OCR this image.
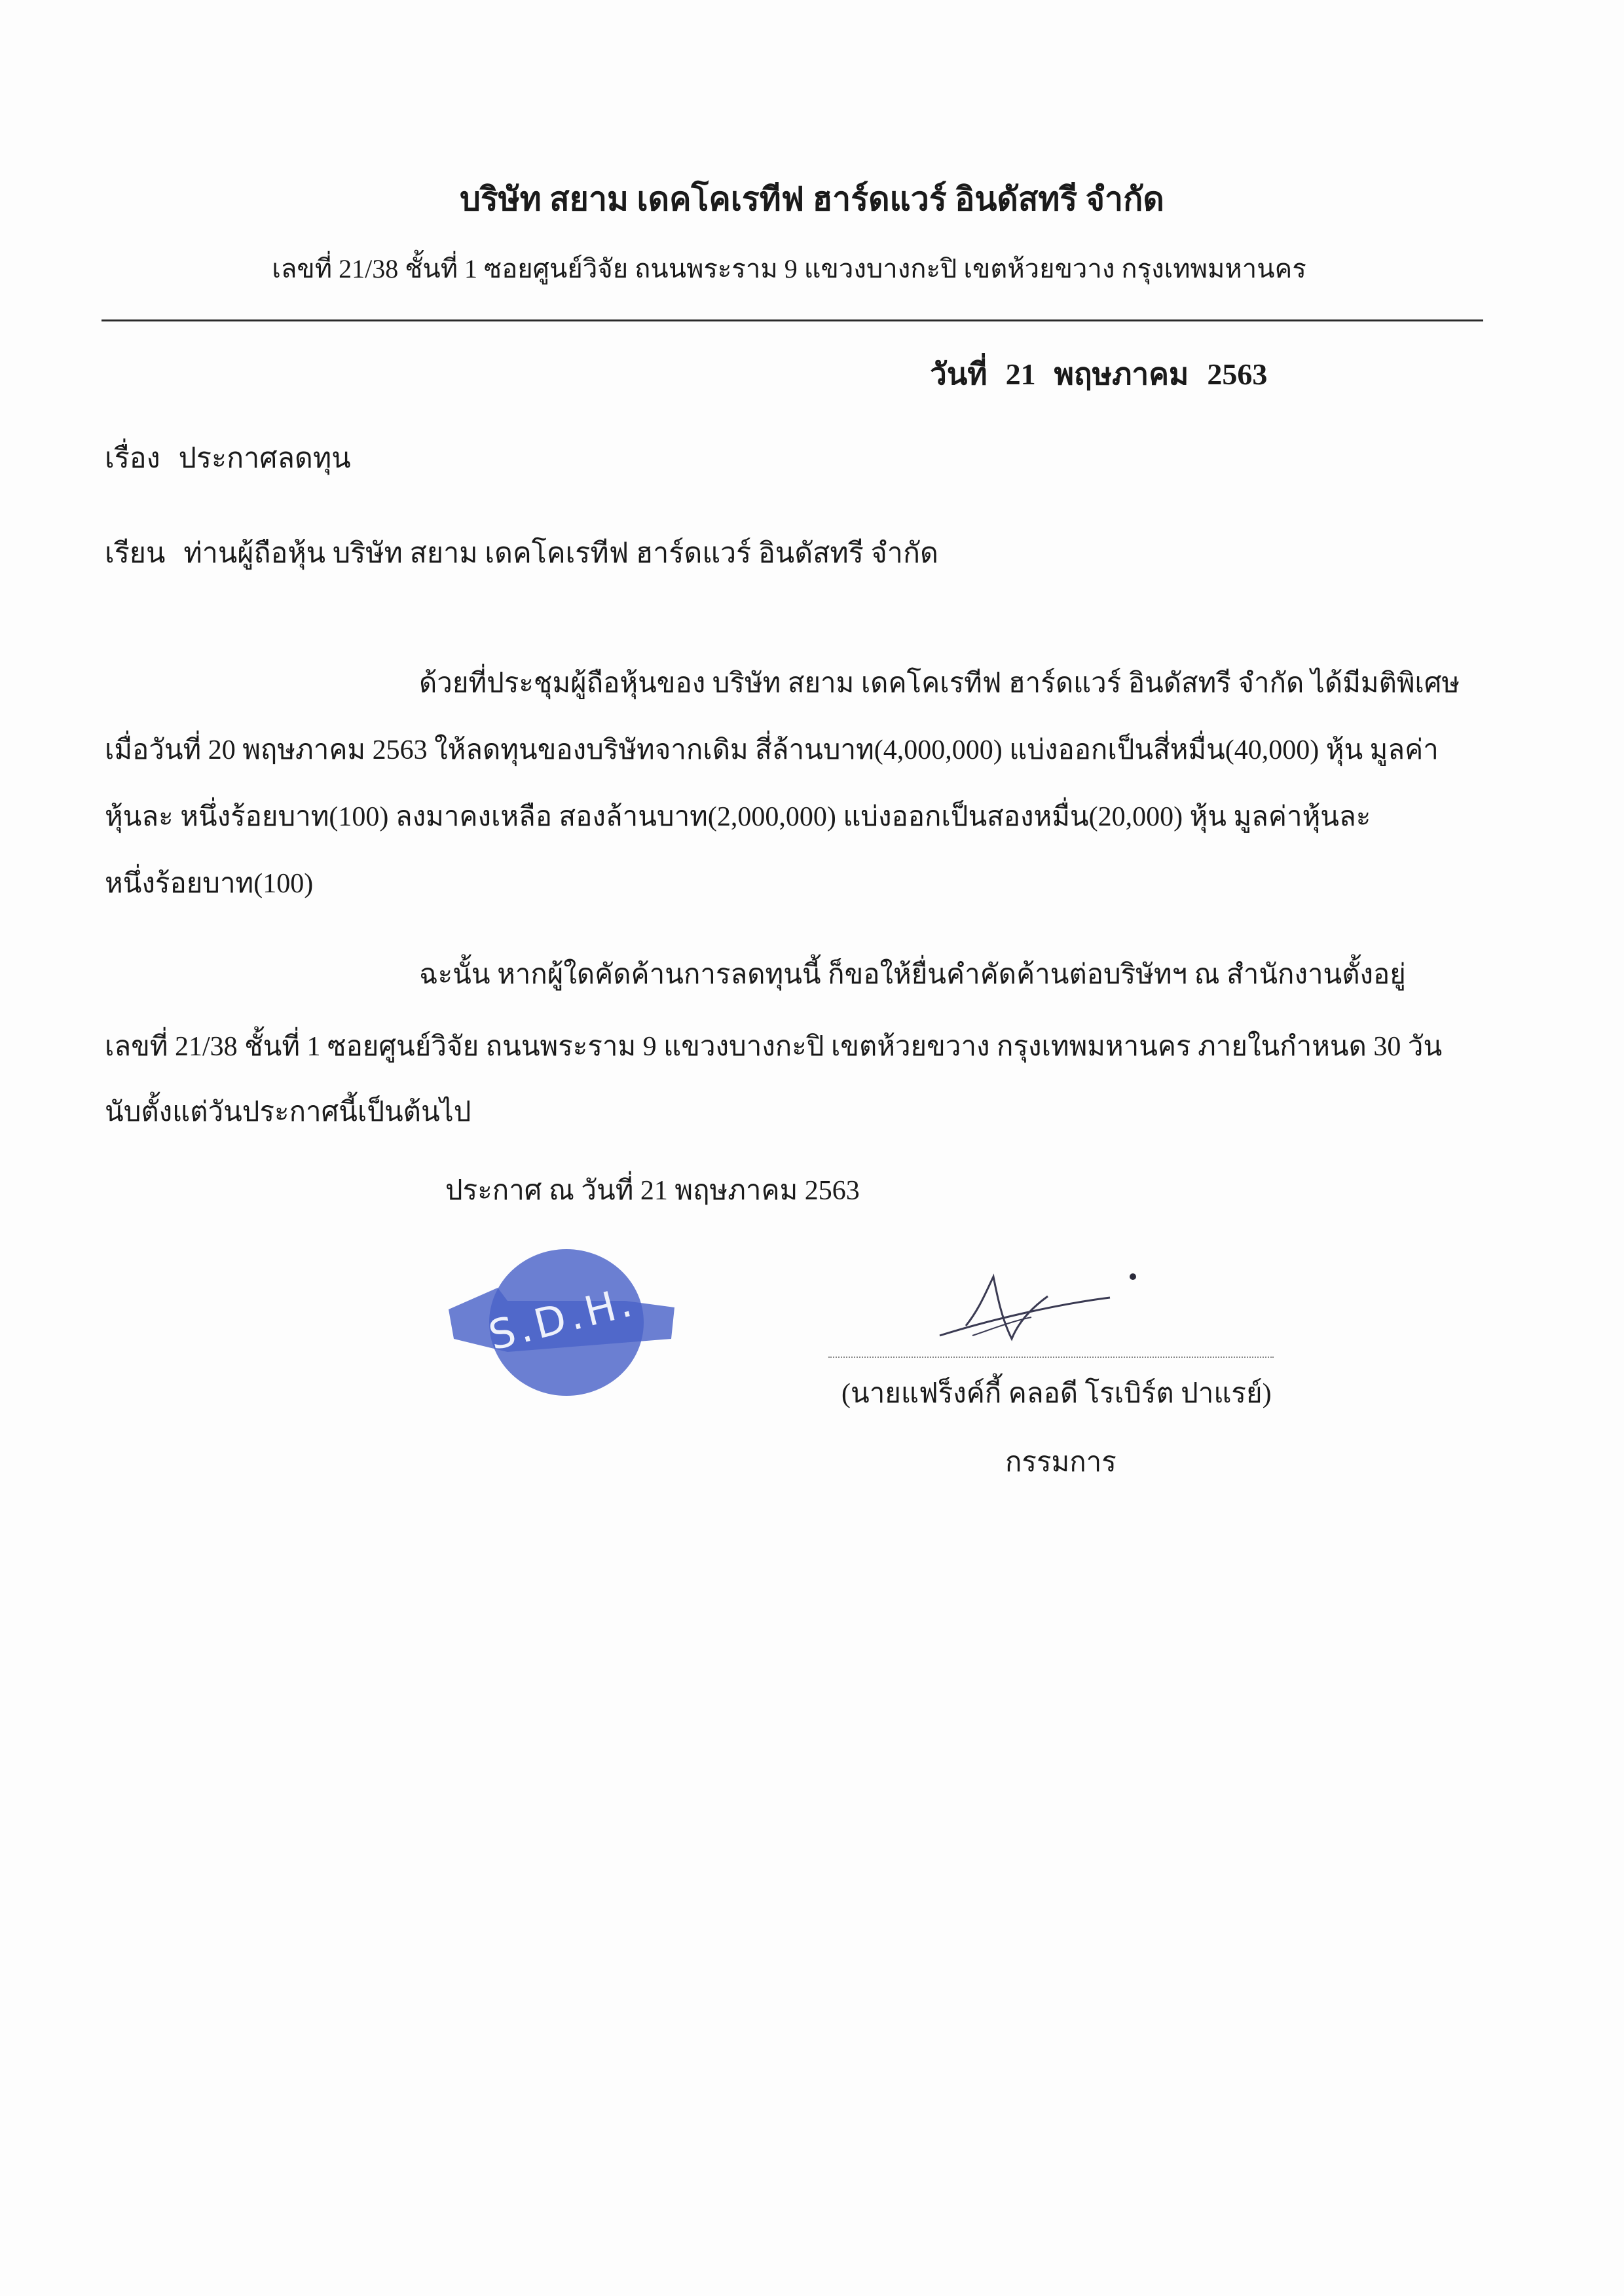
บริษัท สยาม เดคโคเรทีฟ ฮาร์ดแวร์ อินดัสทรี จำกัด
เลขที่ 21/38 ชั้นที่ 1 ซอยศูนย์วิจัย ถนนพระราม 9 แขวงบางกะปิ เขตห้วยขวาง กรุงเทพมหานคร
วันที่ 21 พฤษภาคม 2563
เรื่อง ประกาศลดทุน
เรียน ท่านผู้ถือหุ้น บริษัท สยาม เดคโคเรทีฟ ฮาร์ดแวร์ อินดัสทรี จำกัด
ด้วยที่ประชุมผู้ถือหุ้นของ บริษัท สยาม เดคโคเรทีฟ ฮาร์ดแวร์ อินดัสทรี จำกัด ได้มีมติพิเศษ
เมื่อวันที่ 20 พฤษภาคม 2563 ให้ลดทุนของบริษัทจากเดิม สี่ล้านบาท(4,000,000) แบ่งออกเป็นสี่หมื่น(40,000) หุ้น มูลค่า
หุ้นละ หนึ่งร้อยบาท(100) ลงมาคงเหลือ สองล้านบาท(2,000,000) แบ่งออกเป็นสองหมื่น(20,000) หุ้น มูลค่าหุ้นละ
หนึ่งร้อยบาท(100)
ฉะนั้น หากผู้ใดคัดค้านการลดทุนนี้ ก็ขอให้ยื่นคำคัดค้านต่อบริษัทฯ ณ สำนักงานตั้งอยู่
เลขที่ 21/38 ชั้นที่ 1 ซอยศูนย์วิจัย ถนนพระราม 9 แขวงบางกะปิ เขตห้วยขวาง กรุงเทพมหานคร ภายในกำหนด 30 วัน
นับตั้งแต่วันประกาศนี้เป็นต้นไป
ประกาศ ณ วันที่ 21 พฤษภาคม 2563
S.D.H.
(นายแฟร็งค์กี้ คลอดี โรเบิร์ต ปาแรย์)
กรรมการ
